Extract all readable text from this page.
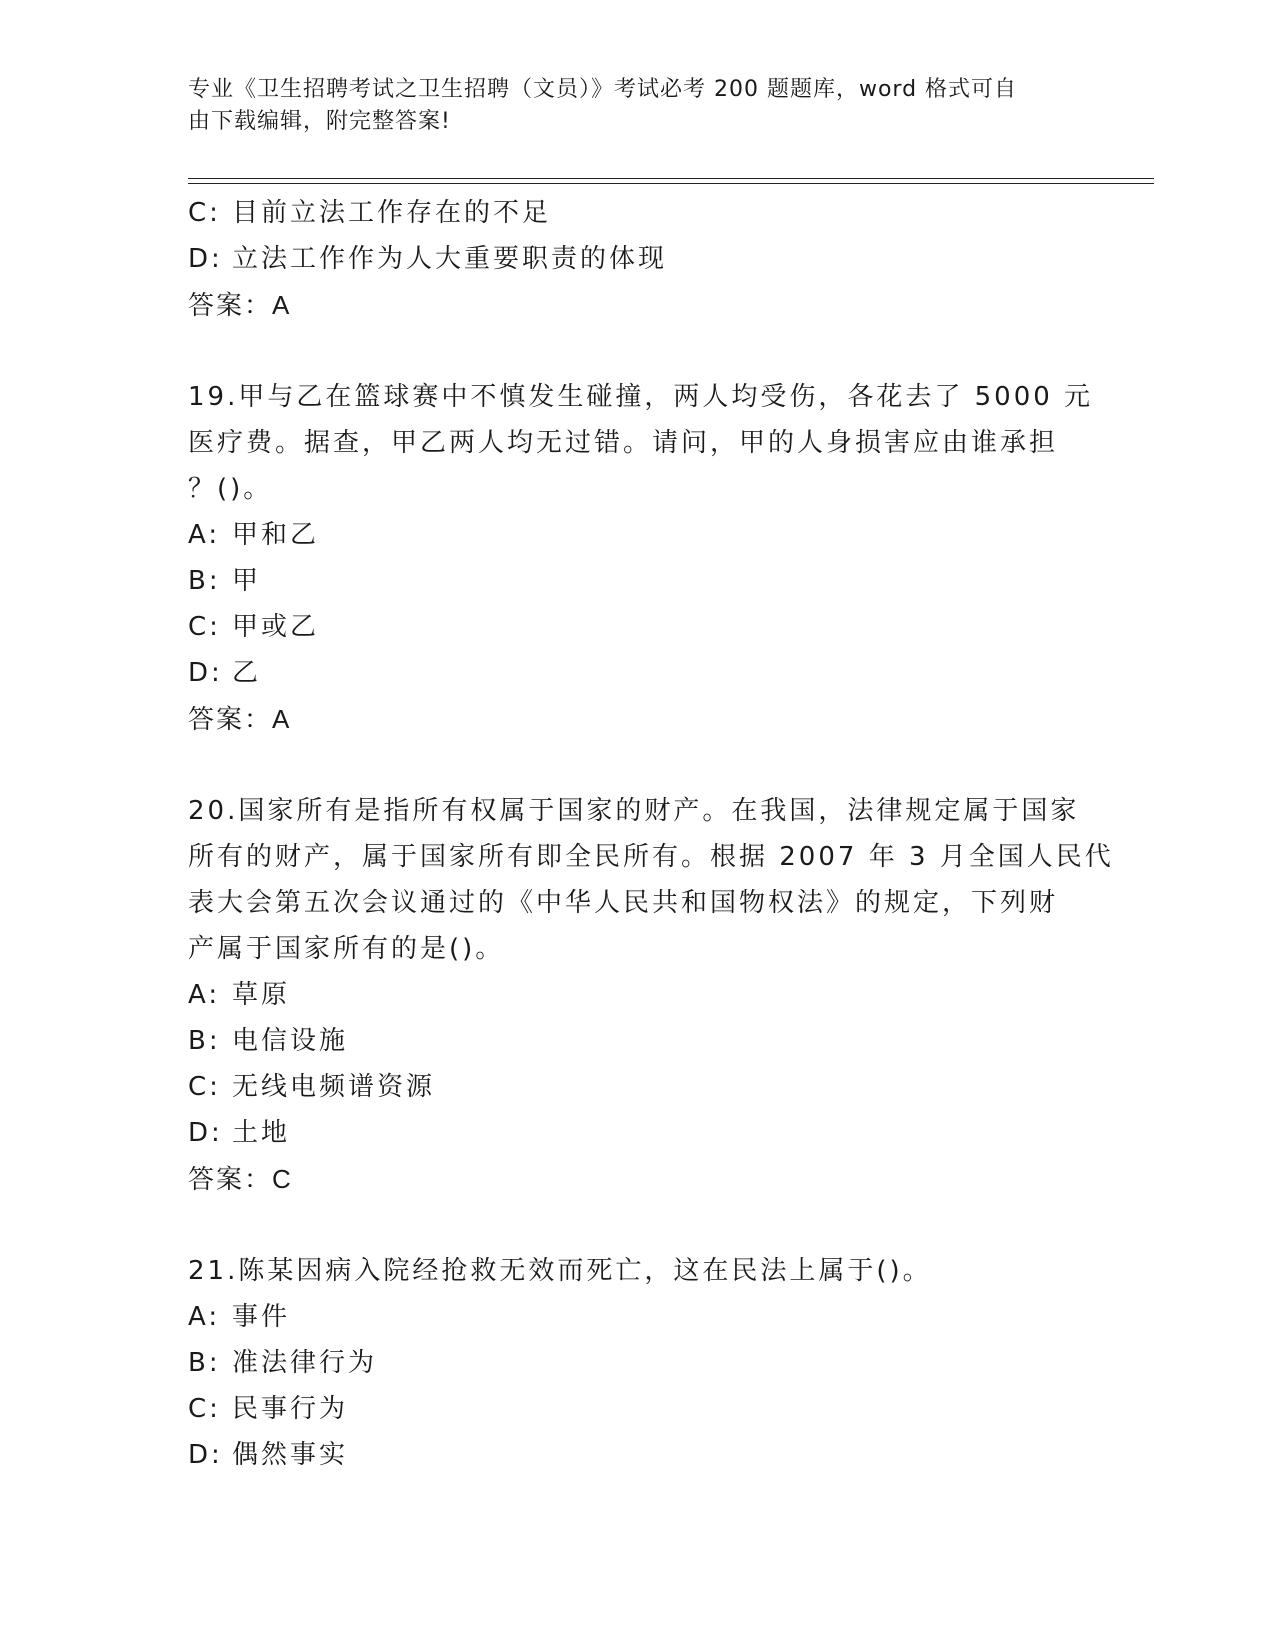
专业《卫生招聘考试之卫生招聘（文员）》考试必考 200 题题库，word 格式可自
由下载编辑，附完整答案!
C: 目前立法工作存在的不足
D: 立法工作作为人大重要职责的体现
答案：A
19.甲与乙在篮球赛中不慎发生碰撞，两人均受伤，各花去了 5000 元
医疗费。据查，甲乙两人均无过错。请问，甲的人身损害应由谁承担
？()。
A: 甲和乙
B: 甲
C: 甲或乙
D: 乙
答案：A
20.国家所有是指所有权属于国家的财产。在我国，法律规定属于国家
所有的财产，属于国家所有即全民所有。根据 2007 年 3 月全国人民代
表大会第五次会议通过的《中华人民共和国物权法》的规定，下列财
产属于国家所有的是()。
A: 草原
B: 电信设施
C: 无线电频谱资源
D: 土地
答案：C
21.陈某因病入院经抢救无效而死亡，这在民法上属于()。
A: 事件
B: 准法律行为
C: 民事行为
D: 偶然事实
